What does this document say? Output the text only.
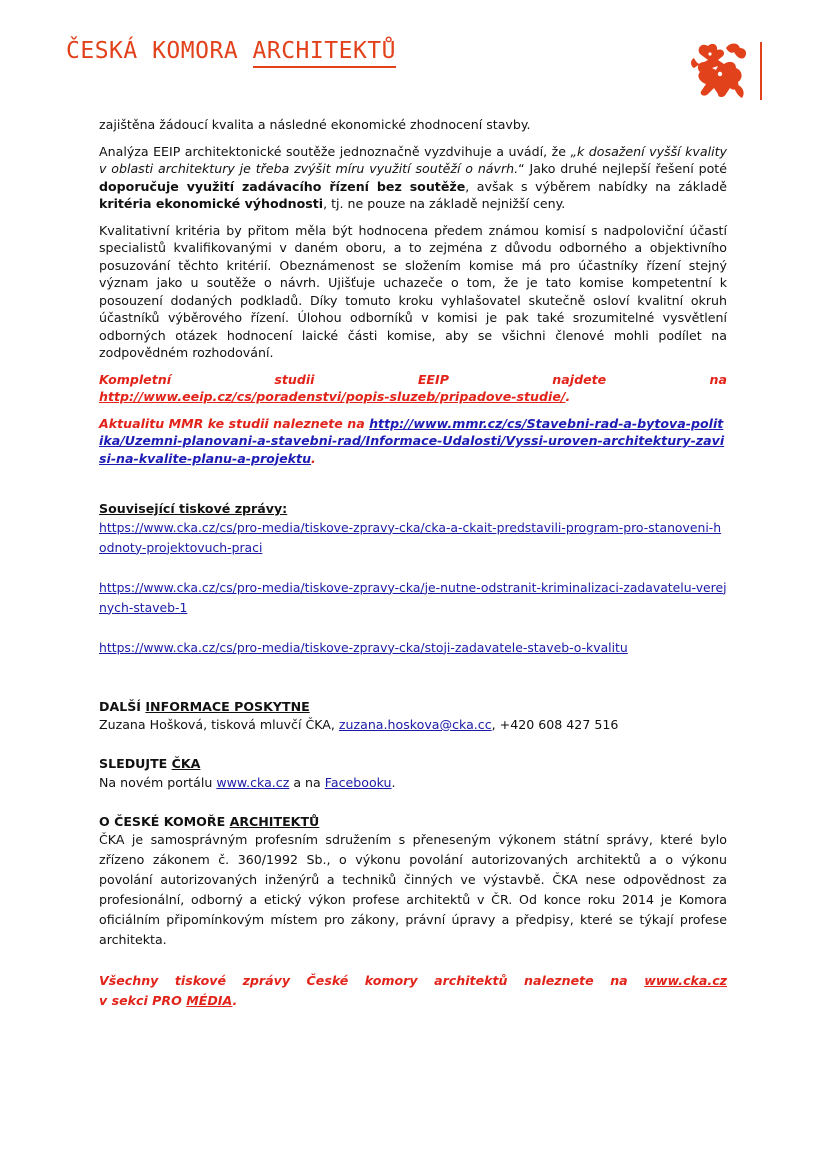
ČESKÁ KOMORA ARCHITEKTŮ

zajištěna žádoucí kvalita a následné ekonomické zhodnocení stavby.

Analýza EEIP architektonické soutěže jednoznačně vyzdvihuje a uvádí, že „k dosažení vyšší kvality v oblasti architektury je třeba zvýšit míru využití soutěží o návrh.“ Jako druhé nejlepší řešení poté doporučuje využití zadávacího řízení bez soutěže, avšak s výběrem nabídky na základě kritéria ekonomické výhodnosti, tj. ne pouze na základě nejnižší ceny.

Kvalitativní kritéria by přitom měla být hodnocena předem známou komisí s nadpoloviční účastí specialistů kvalifikovanými v daném oboru, a to zejména z důvodu odborného a objektivního posuzování těchto kritérií. Obeznámenost se složením komise má pro účastníky řízení stejný význam jako u soutěže o návrh. Ujišťuje uchazeče o tom, že je tato komise kompetentní k posouzení dodaných podkladů. Díky tomuto kroku vyhlašovatel skutečně osloví kvalitní okruh účastníků výběrového řízení. Úlohou odborníků v komisi je pak také srozumitelné vysvětlení odborných otázek hodnocení laické části komise, aby se všichni členové mohli podílet na zodpovědném rozhodování.

Kompletní studii EEIP najdete na
http://www.eeip.cz/cs/poradenstvi/popis-sluzeb/pripadove-studie/.

Aktualitu MMR ke studii naleznete na http://www.mmr.cz/cs/Stavebni-rad-a-bytova-politika/Uzemni-planovani-a-stavebni-rad/Informace-Udalosti/Vyssi-uroven-architektury-zavisi-na-kvalite-planu-a-projektu.

Související tiskové zprávy:
https://www.cka.cz/cs/pro-media/tiskove-zpravy-cka/cka-a-ckait-predstavili-program-pro-stanoveni-hodnoty-projektovuch-praci
https://www.cka.cz/cs/pro-media/tiskove-zpravy-cka/je-nutne-odstranit-kriminalizaci-zadavatelu-verejnych-staveb-1
https://www.cka.cz/cs/pro-media/tiskove-zpravy-cka/stoji-zadavatele-staveb-o-kvalitu
DALŠÍ INFORMACE POSKYTNE
Zuzana Hošková, tisková mluvčí ČKA, zuzana.hoskova@cka.cc, +420 608 427 516
SLEDUJTE ČKA
Na novém portálu www.cka.cz a na Facebooku.
O ČESKÉ KOMOŘE ARCHITEKTŮ

ČKA je samosprávným profesním sdružením s přeneseným výkonem státní správy, které bylo zřízeno zákonem č. 360/1992 Sb., o výkonu povolání autorizovaných architektů a o výkonu povolání autorizovaných inženýrů a techniků činných ve výstavbě. ČKA nese odpovědnost za profesionální, odborný a etický výkon profese architektů v ČR. Od konce roku 2014 je Komora oficiálním připomínkovým místem pro zákony, právní úpravy a předpisy, které se týkají profese architekta.

Všechny tiskové zprávy České komory architektů naleznete na www.cka.cz
v sekci PRO MÉDIA.
